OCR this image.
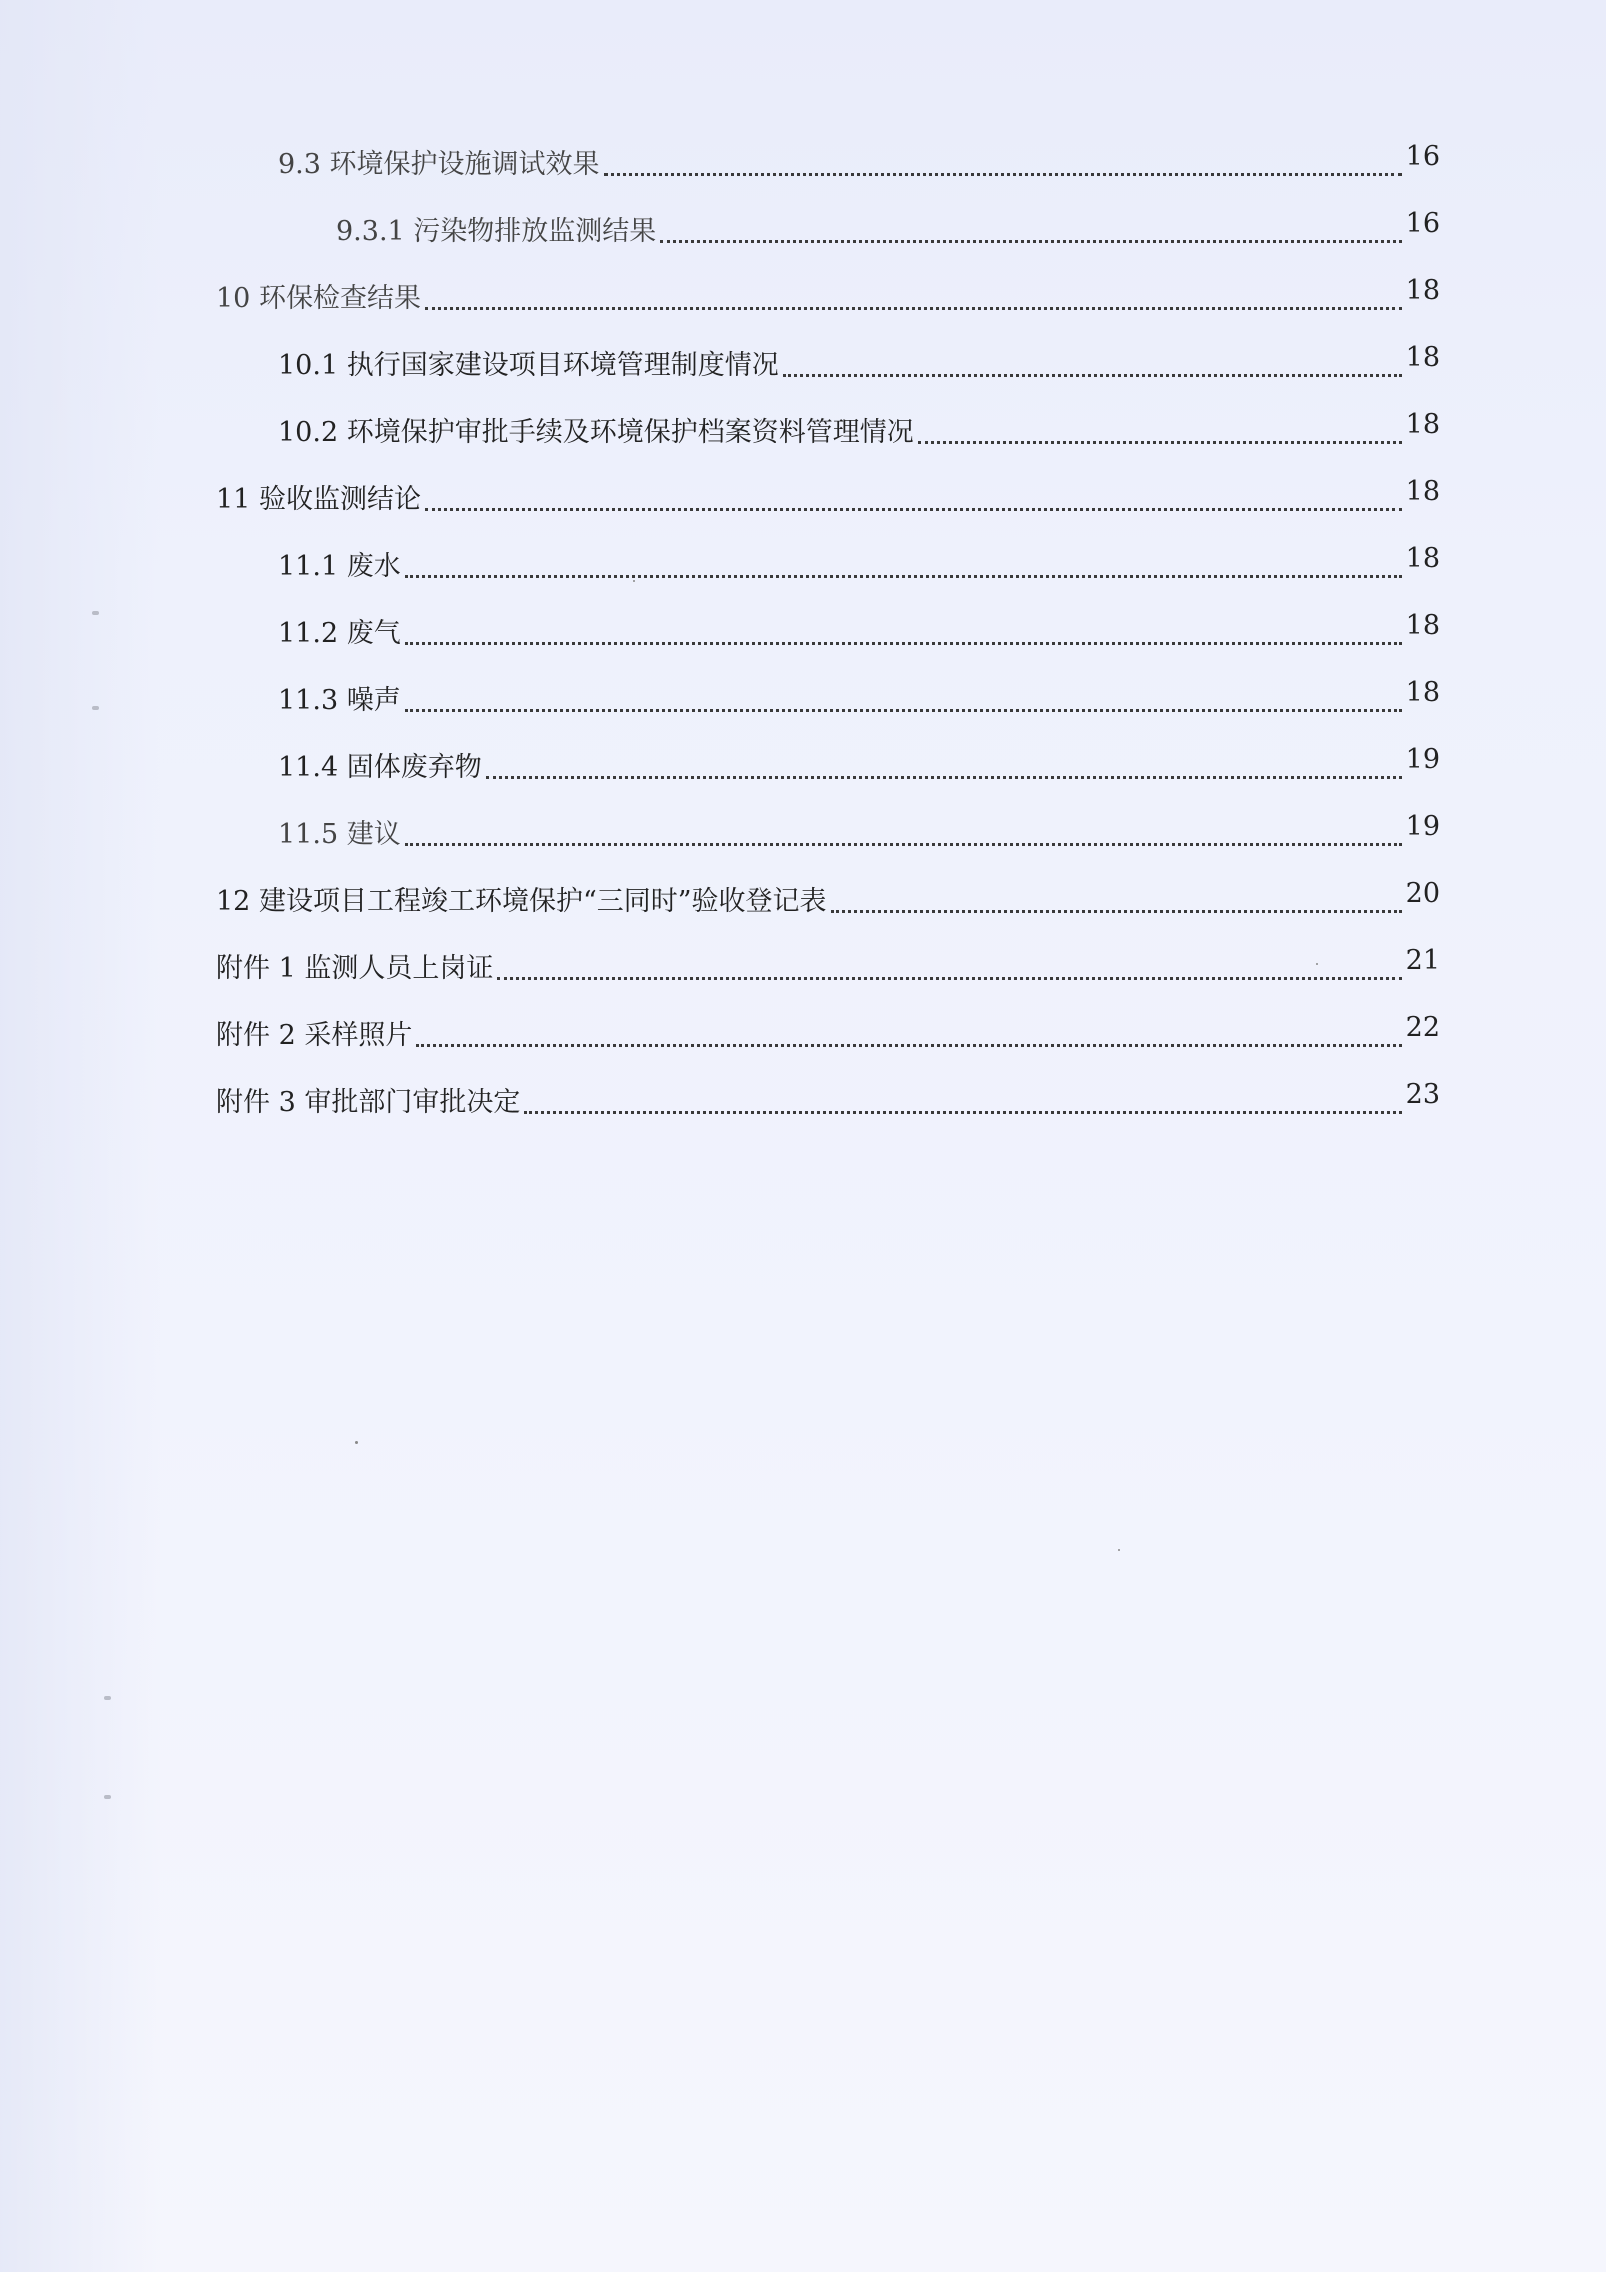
9.3 环境保护设施调试效果	16
9.3.1 污染物排放监测结果	16
10 环保检查结果	18
10.1 执行国家建设项目环境管理制度情况	18
10.2 环境保护审批手续及环境保护档案资料管理情况	18
11 验收监测结论	18
11.1 废水	18
11.2 废气	18
11.3 噪声	18
11.4 固体废弃物	19
11.5 建议	19
12 建设项目工程竣工环境保护“三同时”验收登记表	20
附件 1 监测人员上岗证	21
附件 2 采样照片	22
附件 3 审批部门审批决定	23
